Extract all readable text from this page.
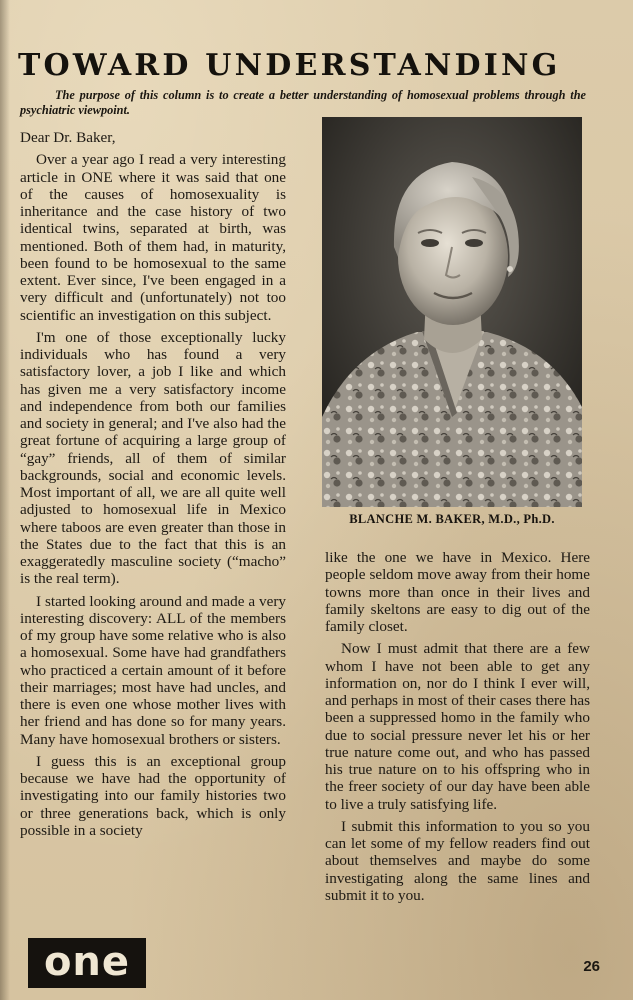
TOWARD UNDERSTANDING
The purpose of this column is to create a better understanding of homosexual problems through the psychiatric viewpoint.

Dear Dr. Baker,

Over a year ago I read a very interesting article in ONE where it was said that one of the causes of homosexuality is inheritance and the case history of two identical twins, separated at birth, was mentioned. Both of them had, in maturity, been found to be homosexual to the same extent. Ever since, I've been engaged in a very difficult and (unfortunately) not too scientific an investigation on this subject.

I'm one of those exceptionally lucky individuals who has found a very satisfactory lover, a job I like and which has given me a very satisfactory income and independence from both our families and society in general; and I've also had the great fortune of acquiring a large group of “gay” friends, all of them of similar backgrounds, social and economic levels. Most important of all, we are all quite well adjusted to homosexual life in Mexico where taboos are even greater than those in the States due to the fact that this is an exaggeratedly masculine society (“macho” is the real term).

I started looking around and made a very interesting discovery: ALL of the members of my group have some relative who is also a homosexual. Some have had grandfathers who practiced a certain amount of it before their marriages; most have had uncles, and there is even one whose mother lives with her friend and has done so for many years. Many have homosexual brothers or sisters.

I guess this is an exceptional group because we have had the opportunity of investigating into our family histories two or three generations back, which is only possible in a society

BLANCHE M. BAKER, M.D., Ph.D.

like the one we have in Mexico. Here people seldom move away from their home towns more than once in their lives and family skeltons are easy to dig out of the family closet.

Now I must admit that there are a few whom I have not been able to get any information on, nor do I think I ever will, and perhaps in most of their cases there has been a suppressed homo in the family who due to social pressure never let his or her true nature come out, and who has passed his true nature on to his offspring who in the freer society of our day have been able to live a truly satisfying life.

I submit this information to you so you can let some of my fellow readers find out about themselves and maybe do some investigating along the same lines and submit it to you.

one	26
